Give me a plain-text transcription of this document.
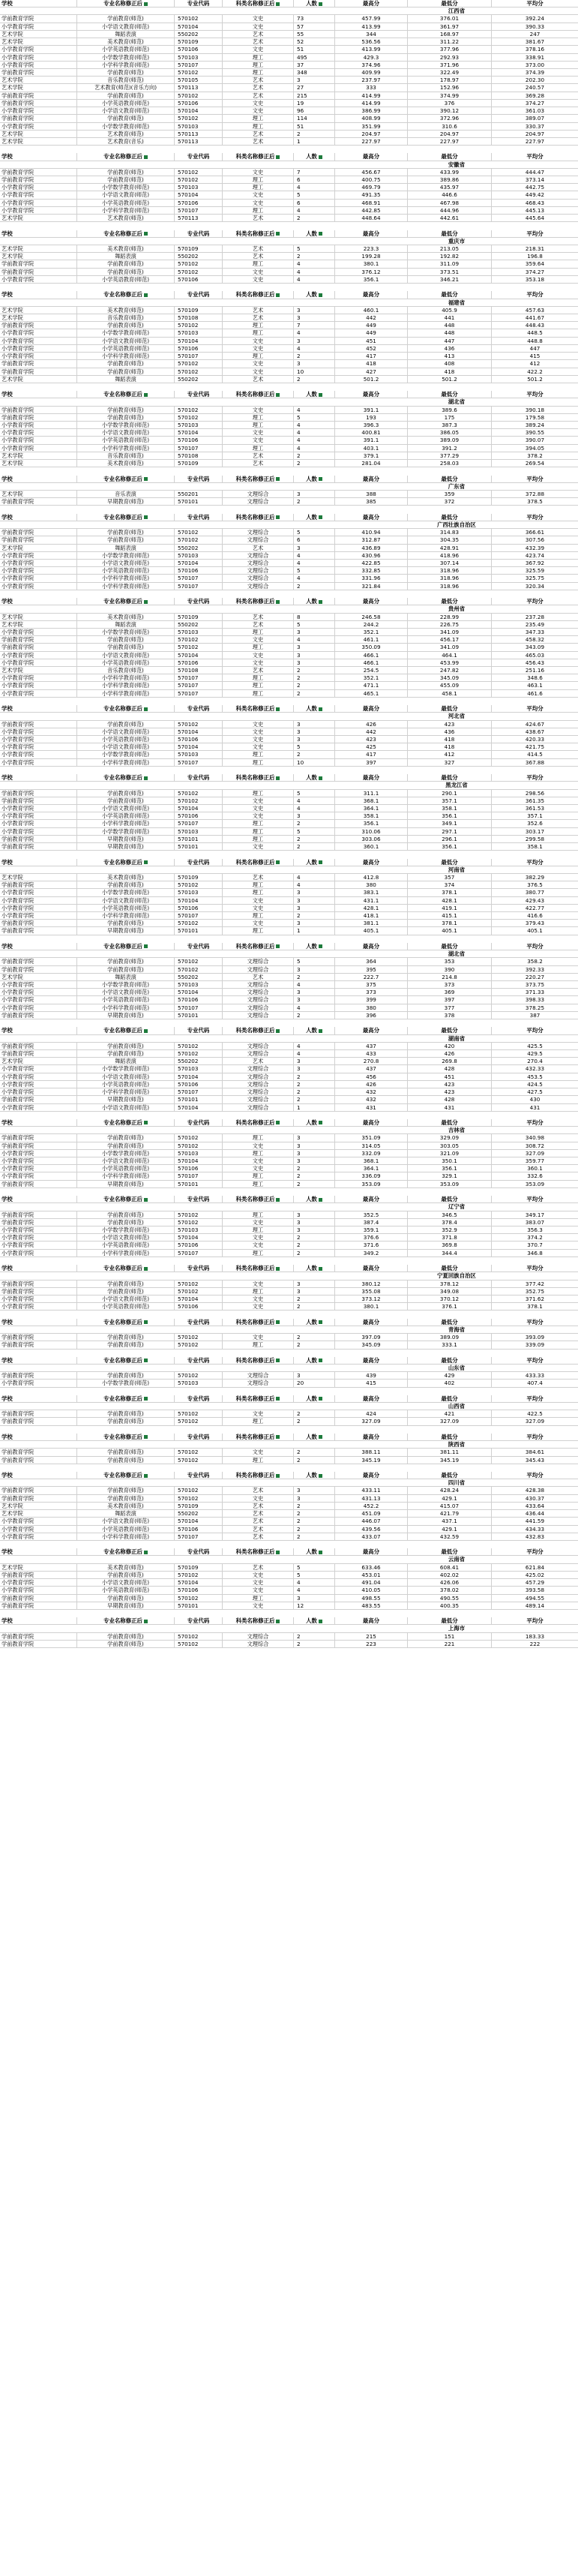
学校	专业名称修正后	专业代码	科类名称修正后	人数	最高分	最低分	平均分
江西省
学前教育学院	学前教育(师范)	570102	文史	73	457.99	376.01	392.24
小学教育学院	小学语文教育(师范)	570104	文史	57	413.99	361.97	390.33
艺术学院	舞蹈表演	550202	艺术	55	344	168.97	247
艺术学院	美术教育(师范)	570109	艺术	52	536.56	311.22	381.67
小学教育学院	小学英语教育(师范)	570106	文史	51	413.99	377.96	378.16
小学教育学院	小学数学教育(师范)	570103	理工	495	429.3	292.93	338.91
小学教育学院	小学科学教育(师范)	570107	理工	37	374.96	371.96	373.00
学前教育学院	学前教育(师范)	570102	理工	348	409.99	322.49	374.39
艺术学院	音乐教育(师范)	570105	艺术	3	237.97	178.97	202.30
艺术学院	艺术教育(师范)(音乐方向)	570113	艺术	27	333	152.96	240.57
学前教育学院	学前教育(师范)	570102	艺术	215	414.99	374.99	369.28
学前教育学院	小学英语教育(师范)	570106	文史	19	414.99	376	374.27
小学教育学院	小学语文教育(师范)	570104	文史	96	386.99	390.12	361.03
学前教育学院	学前教育(师范)	570102	理工	114	408.99	372.96	389.07
小学教育学院	小学数学教育(师范)	570103	理工	51	351.99	310.6	330.37
艺术学院	艺术教育(师范)	570113	艺术	2	204.97	204.97	204.97
艺术学院	艺术教育(音乐)	570113	艺术	1	227.97	227.97	227.97
学校	专业名称修正后	专业代码	科类名称修正后	人数	最高分	最低分	平均分
安徽省
学前教育学院	学前教育(师范)	570102	文史	7	456.67	433.99	444.47
学前教育学院	学前教育(师范)	570102	理工	6	400.75	389.86	373.14
小学教育学院	小学数学教育(师范)	570103	理工	4	469.79	435.97	442.75
小学教育学院	小学语文教育(师范)	570104	文史	5	491.35	446.6	449.42
小学教育学院	小学英语教育(师范)	570106	文史	6	468.91	467.98	468.43
小学教育学院	小学科学教育(师范)	570107	理工	4	442.85	444.96	445.13
艺术学院	艺术教育(师范)	570113	艺术	2	448.64	442.61	445.64
学校	专业名称修正后	专业代码	科类名称修正后	人数	最高分	最低分	平均分
重庆市
艺术学院	美术教育(师范)	570109	艺术	5	223.3	213.05	218.31
艺术学院	舞蹈表演	550202	艺术	2	199.28	192.82	196.8
学前教育学院	学前教育(师范)	570102	理工	4	380.1	311.09	359.64
学前教育学院	学前教育(师范)	570102	文史	4	376.12	373.51	374.27
小学教育学院	小学英语教育(师范)	570106	文史	4	356.1	346.21	353.18
学校	专业名称修正后	专业代码	科类名称修正后	人数	最高分	最低分	平均分
福建省
艺术学院	美术教育(师范)	570109	艺术	3	460.1	405.9	457.63
艺术学院	音乐教育(师范)	570108	艺术	3	442	441	441.67
学前教育学院	学前教育(师范)	570102	理工	7	449	448	448.43
小学教育学院	小学数学教育(师范)	570103	理工	4	449	448	448.5
小学教育学院	小学语文教育(师范)	570104	文史	3	451	447	448.8
小学教育学院	小学英语教育(师范)	570106	文史	4	452	436	447
小学教育学院	小学科学教育(师范)	570107	理工	2	417	413	415
学前教育学院	学前教育(师范)	570102	文史	3	418	408	412
学前教育学院	学前教育(师范)	570102	文史	10	427	418	422.2
艺术学院	舞蹈表演	550202	艺术	2	501.2	501.2	501.2
学校	专业名称修正后	专业代码	科类名称修正后	人数	最高分	最低分	平均分
湖北省
学前教育学院	学前教育(师范)	570102	文史	4	391.1	389.6	390.18
学前教育学院	学前教育(师范)	570102	理工	5	193	175	179.58
小学教育学院	小学数学教育(师范)	570103	理工	4	396.3	387.3	389.24
小学教育学院	小学语文教育(师范)	570104	文史	4	400.81	386.05	390.55
小学教育学院	小学英语教育(师范)	570106	文史	4	391.1	389.09	390.07
小学教育学院	小学科学教育(师范)	570107	理工	4	403.1	391.2	394.05
艺术学院	音乐教育(师范)	570108	艺术	2	379.1	377.29	378.2
艺术学院	美术教育(师范)	570109	艺术	2	281.04	258.03	269.54
学校	专业名称修正后	专业代码	科类名称修正后	人数	最高分	最低分	平均分
广东省
艺术学院	音乐表演	550201	文理综合	3	388	359	372.88
学前教育学院	早期教育(师范)	570101	文理综合	2	385	372	378.5
学校	专业名称修正后	专业代码	科类名称修正后	人数	最高分	最低分	平均分
广西壮族自治区
学前教育学院	学前教育(师范)	570102	文理综合	5	410.94	314.83	366.61
学前教育学院	学前教育(师范)	570102	文理综合	6	312.87	304.35	307.56
艺术学院	舞蹈表演	550202	艺术	3	436.89	428.91	432.39
小学教育学院	小学数学教育(师范)	570103	文理综合	4	430.96	418.96	423.74
小学教育学院	小学语文教育(师范)	570104	文理综合	4	422.85	307.14	367.92
小学教育学院	小学英语教育(师范)	570106	文理综合	5	332.85	318.96	325.59
小学教育学院	小学科学教育(师范)	570107	文理综合	4	331.96	318.96	325.75
小学教育学院	小学科学教育(师范)	570107	文理综合	2	321.84	318.96	320.34
学校	专业名称修正后	专业代码	科类名称修正后	人数	最高分	最低分	平均分
贵州省
艺术学院	美术教育(师范)	570109	艺术	8	246.58	228.99	237.28
艺术学院	舞蹈表演	550202	艺术	5	244.2	226.75	235.49
小学教育学院	小学数学教育(师范)	570103	理工	3	352.1	341.09	347.33
学前教育学院	学前教育(师范)	570102	文史	4	461.1	456.17	458.32
学前教育学院	学前教育(师范)	570102	理工	3	350.09	341.09	343.09
小学教育学院	小学语文教育(师范)	570104	文史	3	466.1	464.1	465.03
小学教育学院	小学英语教育(师范)	570106	文史	3	466.1	453.99	456.43
艺术学院	音乐教育(师范)	570108	艺术	2	254.5	247.82	251.16
小学教育学院	小学科学教育(师范)	570107	理工	2	352.1	345.09	348.6
小学教育学院	小学科学教育(师范)	570107	理工	2	471.1	455.09	463.1
小学教育学院	小学科学教育(师范)	570107	理工	2	465.1	458.1	461.6
学校	专业名称修正后	专业代码	科类名称修正后	人数	最高分	最低分	平均分
河北省
学前教育学院	学前教育(师范)	570102	文史	3	426	423	424.67
小学教育学院	小学语文教育(师范)	570104	文史	3	442	436	438.67
小学教育学院	小学英语教育(师范)	570106	文史	3	423	418	420.33
小学教育学院	小学语文教育(师范)	570104	文史	5	425	418	421.75
小学教育学院	小学数学教育(师范)	570103	理工	2	417	412	414.5
小学教育学院	小学科学教育(师范)	570107	理工	10	397	327	367.88
学校	专业名称修正后	专业代码	科类名称修正后	人数	最高分	最低分	平均分
黑龙江省
学前教育学院	学前教育(师范)	570102	理工	5	311.1	290.1	298.56
学前教育学院	学前教育(师范)	570102	文史	4	368.1	357.1	361.35
小学教育学院	小学语文教育(师范)	570104	文史	4	364.1	358.1	361.53
小学教育学院	小学英语教育(师范)	570106	文史	3	358.1	356.1	357.1
小学教育学院	小学科学教育(师范)	570107	理工	2	356.1	349.1	352.6
小学教育学院	小学数学教育(师范)	570103	理工	5	310.06	297.1	303.17
学前教育学院	早期教育(师范)	570101	理工	2	303.06	296.1	299.58
学前教育学院	早期教育(师范)	570101	文史	2	360.1	356.1	358.1
学校	专业名称修正后	专业代码	科类名称修正后	人数	最高分	最低分	平均分
河南省
艺术学院	美术教育(师范)	570109	艺术	4	412.8	357	382.29
学前教育学院	学前教育(师范)	570102	理工	4	380	374	376.5
小学教育学院	小学数学教育(师范)	570103	理工	3	383.1	378.1	380.77
小学教育学院	小学语文教育(师范)	570104	文史	3	431.1	428.1	429.43
小学教育学院	小学英语教育(师范)	570106	文史	3	428.1	419.1	422.77
小学教育学院	小学科学教育(师范)	570107	理工	2	418.1	415.1	416.6
学前教育学院	学前教育(师范)	570102	文史	3	381.1	378.1	379.43
学前教育学院	早期教育(师范)	570101	理工	1	405.1	405.1	405.1
学校	专业名称修正后	专业代码	科类名称修正后	人数	最高分	最低分	平均分
湖北省
学前教育学院	学前教育(师范)	570102	文理综合	5	364	353	358.2
学前教育学院	学前教育(师范)	570102	文理综合	3	395	390	392.33
艺术学院	舞蹈表演	550202	艺术	2	222.7	214.8	220.27
小学教育学院	小学数学教育(师范)	570103	文理综合	4	375	373	373.75
小学教育学院	小学语文教育(师范)	570104	文理综合	3	373	369	371.33
小学教育学院	小学英语教育(师范)	570106	文理综合	3	399	397	398.33
小学教育学院	小学科学教育(师范)	570107	文理综合	4	380	377	378.25
学前教育学院	早期教育(师范)	570101	文理综合	2	396	378	387
学校	专业名称修正后	专业代码	科类名称修正后	人数	最高分	最低分	平均分
湖南省
学前教育学院	学前教育(师范)	570102	文理综合	4	437	420	425.5
学前教育学院	学前教育(师范)	570102	文理综合	4	433	426	429.5
艺术学院	舞蹈表演	550202	艺术	3	270.8	269.8	270.4
小学教育学院	小学数学教育(师范)	570103	文理综合	3	437	428	432.33
小学教育学院	小学语文教育(师范)	570104	文理综合	2	456	451	453.5
小学教育学院	小学英语教育(师范)	570106	文理综合	2	426	423	424.5
小学教育学院	小学科学教育(师范)	570107	文理综合	2	432	423	427.5
学前教育学院	早期教育(师范)	570101	文理综合	2	432	428	430
小学教育学院	小学语文教育(师范)	570104	文理综合	1	431	431	431
学校	专业名称修正后	专业代码	科类名称修正后	人数	最高分	最低分	平均分
吉林省
学前教育学院	学前教育(师范)	570102	理工	3	351.09	329.09	340.98
学前教育学院	学前教育(师范)	570102	文史	3	314.05	303.05	308.72
小学教育学院	小学数学教育(师范)	570103	理工	3	332.09	321.09	327.09
小学教育学院	小学语文教育(师范)	570104	文史	3	368.1	350.1	359.77
小学教育学院	小学英语教育(师范)	570106	文史	2	364.1	356.1	360.1
小学教育学院	小学科学教育(师范)	570107	理工	2	336.09	329.1	332.6
学前教育学院	早期教育(师范)	570101	理工	2	353.09	353.09	353.09
学校	专业名称修正后	专业代码	科类名称修正后	人数	最高分	最低分	平均分
辽宁省
学前教育学院	学前教育(师范)	570102	理工	3	352.5	346.5	349.17
学前教育学院	学前教育(师范)	570102	文史	3	387.4	378.4	383.07
小学教育学院	小学数学教育(师范)	570103	理工	3	359.1	352.9	356.3
小学教育学院	小学语文教育(师范)	570104	文史	2	376.6	371.8	374.2
小学教育学院	小学英语教育(师范)	570106	文史	2	371.6	369.8	370.7
小学教育学院	小学科学教育(师范)	570107	理工	2	349.2	344.4	346.8
学校	专业名称修正后	专业代码	科类名称修正后	人数	最高分	最低分	平均分
宁夏回族自治区
学前教育学院	学前教育(师范)	570102	文史	3	380.12	378.12	377.42
学前教育学院	学前教育(师范)	570102	理工	3	355.08	349.08	352.75
小学教育学院	小学语文教育(师范)	570104	文史	2	373.12	370.12	371.62
小学教育学院	小学英语教育(师范)	570106	文史	2	380.1	376.1	378.1
学校	专业名称修正后	专业代码	科类名称修正后	人数	最高分	最低分	平均分
青海省
学前教育学院	学前教育(师范)	570102	文史	2	397.09	389.09	393.09
学前教育学院	学前教育(师范)	570102	理工	2	345.09	333.1	339.09
学校	专业名称修正后	专业代码	科类名称修正后	人数	最高分	最低分	平均分
山东省
学前教育学院	学前教育(师范)	570102	文理综合	3	439	429	433.33
小学教育学院	小学数学教育(师范)	570103	文理综合	20	415	402	407.4
学校	专业名称修正后	专业代码	科类名称修正后	人数	最高分	最低分	平均分
山西省
学前教育学院	学前教育(师范)	570102	文史	2	424	421	422.5
学前教育学院	学前教育(师范)	570102	理工	2	327.09	327.09	327.09
学校	专业名称修正后	专业代码	科类名称修正后	人数	最高分	最低分	平均分
陕西省
学前教育学院	学前教育(师范)	570102	文史	2	388.11	381.11	384.61
学前教育学院	学前教育(师范)	570102	理工	2	345.19	345.19	345.43
学校	专业名称修正后	专业代码	科类名称修正后	人数	最高分	最低分	平均分
四川省
学前教育学院	学前教育(师范)	570102	艺术	3	433.11	428.24	428.38
学前教育学院	学前教育(师范)	570102	文史	3	431.13	429.1	430.37
艺术学院	美术教育(师范)	570109	艺术	2	452.2	415.07	433.64
艺术学院	舞蹈表演	550202	艺术	2	451.09	421.79	436.44
小学教育学院	小学语文教育(师范)	570104	艺术	2	446.07	437.1	441.59
小学教育学院	小学英语教育(师范)	570106	艺术	2	439.56	429.1	434.33
小学教育学院	小学科学教育(师范)	570107	艺术	2	433.07	432.59	432.83
学校	专业名称修正后	专业代码	科类名称修正后	人数	最高分	最低分	平均分
云南省
艺术学院	美术教育(师范)	570109	艺术	5	633.46	608.41	621.84
学前教育学院	学前教育(师范)	570102	文史	5	453.01	402.02	425.02
小学教育学院	小学语文教育(师范)	570104	文史	4	491.04	426.06	457.29
小学教育学院	小学英语教育(师范)	570106	文史	4	410.05	378.02	393.58
学前教育学院	学前教育(师范)	570102	理工	3	498.55	490.55	494.55
学前教育学院	早期教育(师范)	570101	文史	12	483.55	400.35	489.14
学校	专业名称修正后	专业代码	科类名称修正后	人数	最高分	最低分	平均分
上海市
学前教育学院	学前教育(师范)	570102	文理综合	2	215	151	183.33
学前教育学院	学前教育(师范)	570102	文理综合	2	223	221	222
